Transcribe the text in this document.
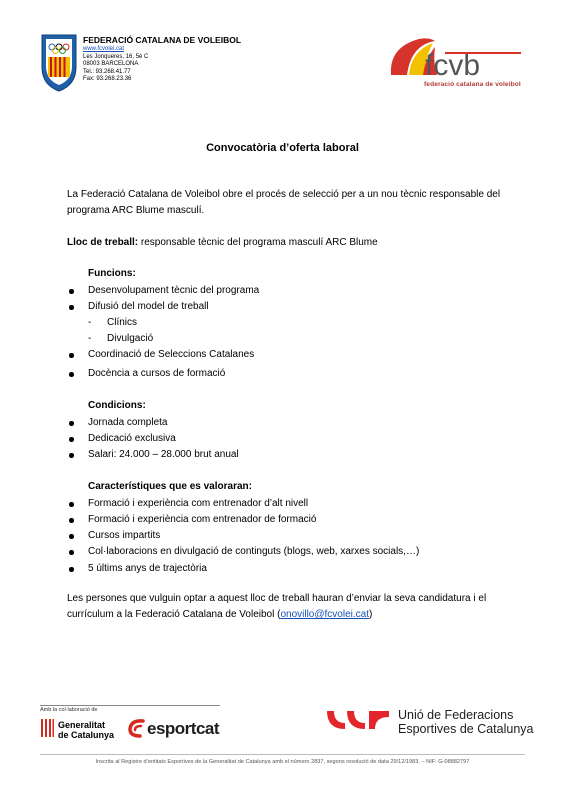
FEDERACIÓ CATALANA DE VOLEIBOL
www.fcvolei.cat
Les Jonqueres, 16, 5è C
08003 BARCELONA
Tel.: 93.268.41.77
Fax: 93.268.23.36	fcvb
federació catalana de voleibol
Convocatòria d’oferta laboral
La Federació Catalana de Voleibol obre el procés de selecció per a un nou tècnic responsable del programa ARC Blume masculí.
Lloc de treball: responsable tècnic del programa masculí ARC Blume
Funcions:
Desenvolupament tècnic del programa
Difusió del model de treball
- Clínics
- Divulgació
Coordinació de Seleccions Catalanes
Docència a cursos de formació
Condicions:
Jornada completa
Dedicació exclusiva
Salari: 24.000 – 28.000 brut anual
Característiques que es valoraran:
Formació i experiència com entrenador d’alt nivell
Formació i experiència com entrenador de formació
Cursos impartits
Col·laboracions en divulgació de continguts (blogs, web, xarxes socials,…)
5 últims anys de trajectòria
Les persones que vulguin optar a aquest lloc de treball hauran d’enviar la seva candidatura i el currículum a la Federació Catalana de Voleibol (onovillo@fcvolei.cat)
Amb la col·laboració de
Generalitat
de Catalunya esportcat
Unió de Federacions
Esportives de Catalunya
Inscrita al Registre d’entitats Esportives de la Generalitat de Catalunya amb el número 2837, segons resolució de data 29/12/1983. – NIF: G-08882797
